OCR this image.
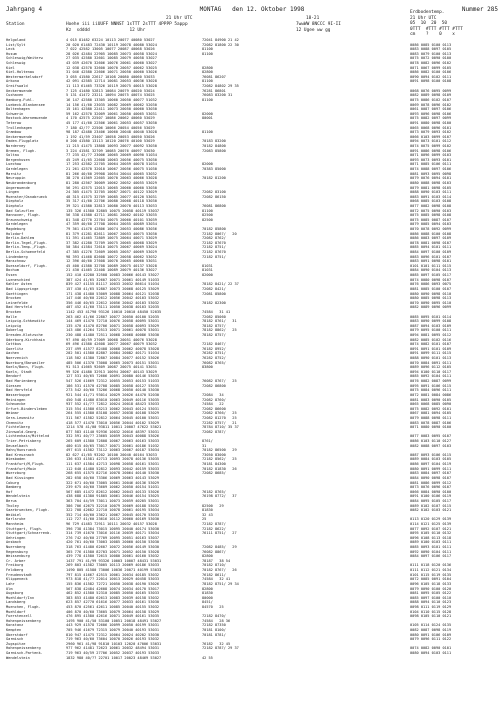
Jahrgang 4	MONTAG den 12. Oktober 1998	Nummer 285
Station
21 Uhr UTC
Hoehe iii iiUUFF NNNST 1sTTT 2sTTT 4PPPP 5appp
Kz  sdddd               12 Uhr
7wwWW 8NCCC 9I-II
12 Ugee ww gg
18-21
Erdbodentemp.
21 Uhr UTC
05  10  20  50
0TTT  #TTT #TTT #TTT
cm    ?    0    x
Helgoland	4 015 81482 63224 10113 20077 40080 53027	72041 84900 21 42
List/Sylt	20 020 61483 72430 10119 20078 40080 53024	72082 81800 22 30	0086 0085 0100 0113
Leck	7 022 42582 13005 10077 20087 40068 53026	81100	0083 0088 0097 0105
Husum	28 026 42484 22905 10085 20073 40058 53024	81100	0083 0079 0100 0113
Schleswig/Weiterw	27 035 42580 32601 10085 20079 40058 53027	0075 0072 0090 0100
Schleswig	43 039 42670 32606 10076 20061 40060 53027	0078 0082 0096 0102
Kiel	12 038 42570 32600 10070 20057 40062 53025	82800	0071 0067 0099 0105
Kiel-Holtenau	31 046 42580 22606 10071 20050 40060 53026	82800	0086 0082 0100 0106
Westermarkelsdorf	3 055 41580 22617 10108 20080 40060 53033	76081 86207	0090 0094 0102 0111
Arkona	42 091 42585 12714 10081 20053 40036 53028	81100	0091 0098 0100 0108
Greifswald	11 113 61465 73326 10119 20075 40015 53028	72082 84802 29 35
Ueckermuende	7 125 41480 52813 10084 20079 40020 53024	76281 86801	0068 0076 0095 0099
Cuxhaven	5 131 41472 23211 10094 20075 40074 53025	76083 83200 31	0082 0089 0098 0109
Hamburg-Fuhl.	16 147 42580 13305 10060 20050 40077 51032	81100	0075 0086 0102 0107
Luebeck-Blankensee	14 156 41/60 23035 10082 20069 40062 52030	0069 0078 0096 0102
Boltenhagen	15 161 42580 22411 10073 20050 40060 53030	0061 0087 0097 0106
Schwerin	59 162 42570 32009 10061 20050 40065 53031	82000	0093 0096 0098 0106
Rostock-Warnemuende	4 170 42575 22507 10086 20062 40060 53029	80001	0075 0082 0097 0099
Teterow	45 177 41/60 22506 10061 20053 40057 53030	0091 0080 0098 0100
Trollenhagen	7 180 42/?? 22506 10066 20054 40056 53029	0065 0068 0096 0101
Grambow	98 187 42480 23406 10060 20048 40040 53028	81100	0073 0079 0093 0102
Ueckermuende	1 192 41/59 23407 10058 20053 40050 53026	0066 0103 0099 0107
Emden-Flugplatz	0 200 41580 13113 10120 20076 40100 53029	70183 83200	0094 0073 0101 0112
Norderney	11 215 41475 13808 10093 20077 40092 53030	70182 84800	0074 0075 0099 0102
Bremen, Flugh.	3 224 41581 32709 10085 20076 40097 53030	72083 85800	0091 0086 0098 0106
Soltau	77 235 42/?? 23006 10065 20069 40090 51034	0071 0096 0099 0103
Bergenhusen	45 249 41/65 22608 10063 20056 40075 53030	0093 0073 0093 0101
Luechow	17 253 42582 22705 10064 20059 40078 51034	82000	0071 0085 0106 0111
Gardelegen	21 261 42570 32010 10067 20056 40075 51030	70383 85000	0074 0088 0097 0106
Marnitz	81 266 40/60 29908 10054 20044 40065 53032	0081 0093 0095 0098
Neuruppin	38 270 41569 22605 10070 20063 40066 53028	70182 81200	0079 0076 0094 0101
Neubrandenburg	81 280 42567 30009 10062 20052 40055 53029	0080 0088 0098 0103
Angermuende	56 291 42575 12015 10065 20060 40060 53030	0079 0081 0098 0105
Lingen	24 305 41475 32705 10087 20071 40122 53029	72082 83100	0088 0090 0103 0111
Muenster/Osnabrueck	48 315 41575 32709 10085 20077 40120 53031	72082 86150	0083 0091 0103 0114
Diepholz	35 317 41/60 22706 10080 20068 40118 53030	0068 0085 0103 0108
Diepholz	39 321 41580 32813 10080 20070 40113 53033	76081 86800	0077 0082 0098 0108
Bad Salzuflen	135 326 41580 32805 10075 20058 40119 53037	81100	0072 0075 0090 0103
Hannover, Flugh.	56 338 41580 42711 10081 20062 40102 53035	82500	0075 0085 0098 0108
Braunschweig	81 348 42770 22704 10075 20060 40101 53039	82500	0075 0085 0087 0107
Gardelegen	47 359 40/60 27708 10064 20055 40089 53034	0079 0085 0094 0103
Magdeburg	79 361 41470 42806 10074 20053 40086 53036	70182 85800	0070 0078 0092 0099
Holzdorf	81 379 41281 82611 10067 20053 40075 53030	72182 8067/   20	0086 0088 0100 0108
Berlin-Dahlem	51 391 41465 72809 10075 20064 40071 53029	72082 8762/	0086 0083 0097 0109
Berlin-Tegel,Flugh.	37 382 41280 72709 10075 20065 40068 53029	72182 87670	0078 0081 0098 0107
Berlin-Temp.,Flugh.	50 384 41584 72610 10075 20067 40069 53024	72182 8751/	0085 0094 0101 0111
Berlin-Schoenefeld	47 385 41276 72609 10065 20057 40069 53029	72182 87670	0084 0097 0100 0109
Lindenberg	98 393 41468 82608 10072 20058 40062 53032	72182 8751/	0083 0096 0101 0107
Manschnow	12 396 40/60 27608 10070 20065 40060 53031	0083 0091 0098 0101
Duesseldorf, Flugh.	45 400 41580 32708 10089 20075 40137 53028	81031	0101 0101 0111 0115
Bochum	21 430 41465 22408 10089 20079 40136 53027	81031	0084 0090 0104 0113
Essen	152 410 42280 32508 10083 20066 40143 53027	82000	0085 0097 0105 0117
Lueneschied	387 424 41/65 32607 10071 20061 40149 51033	0074 0080 0098 0107
Kahler Asten	839 427 41155 81117 10033 20032 86614 51034	78182 8421/ 22 37	0076 0086 0093 0075
Bad Lippspringe	157 430 41/65 52807 10073 20068 40125 53029	72082 8421/	0081 0085 0100 0107
Goettingen	171 438 41480 53009 10088 20064 40121 52038	72081 85800	0080 0090 0098 0110
Brocken	147 446 40/60 22612 10056 20042 40103 53032	0080 0085 0098 0113
Leinefelde	356 446 40/65 22612 10056 20042 40103 53032	70182 82300	0070 0090 0095 0110
Bad Hersfeld	407 452 41/60 73111 10050 20038 40103 52035	0082 0089 0096 0099
Brocken	1142 453 41790 93126 10010 20010 48450 52035	74584   31 41
Halle	263 462 41/66 22807 10077 20050 40100 52035	72082 85060	0085 0095 0101 0114
Leipzig-Schkeuditz	144 469 41470 72710 10076 20058 40095 53031	78182 8761/   31	0083 0090 0099 0108
Leipzig	135 470 41470 82706 10071 20058 40093 53029	78182 8757/	0087 0094 0103 0109
Doberlug	143 486 41264 72513 10071 20061 40078 53031	78182 8862/   25	0079 0095 0100 0111
Dresden-Klotzsche	230 488 41480 72511 10068 20068 40086 53030	78182 8757/	0094 0081 0095 0112
Oderburg-Kirchhain	97 490 40/59 27009 10068 20051 40076 53028	0082 0085 0102 0116
Cottbus	69 496 41580 42608 10077 20067 40079 53032	72182 8467/	0074 0082 0101 0107
Goerlitz	237 499 41577 82408 10068 20062 40078 53028	76182 8952/	0091 0091 0101 0109
Aachen	202 501 41580 82807 10084 20082 40171 51034	76282 8751/	0091 0099 0111 0115
Noervenich	118 502 41380 72807 10084 20077 40152 53026	76282 8752/	0088 0090 0101 0113
Nuerburg/Barweiler	485 506 41370 73008 10065 20073 40151 53031	76082 8765/	0070 0084 0091 0111
Koeln/Bonn, Flugh.	91 513 41665 92609 10087 20075 40141 53031	83800	0089 0096 0112 0105
Koeln, Stadt	99 526 41480 32913 10094 20067 40143 53029	0094 0100 0110 0117
Bendorf	127 531 40/65 72606 10091 20080 40146 53033	0085 0092 0104 0111
Bad Marienberg	547 526 41669 72312 10055 20053 40153 51033	76082 8767/   25	0076 0082 0087 0099
Giessen	186 531 41570 42708 10085 20058 40127 53035	72082 86800	0095 0091 0106 0115
Bad Hersfeld	273 542 40/60 73206 10068 20050 40140 53030	0075 0084 0096 0111
Wasserkuppe	921 544 41/71 93014 10029 20026 44470 52030	72084   34	0072 0081 0084 0086
Meiningen	450 548 41480 83010 10063 20049 40116 53035	72082 8760/	0081 0083 0090 0105
Schmuecke	937 552 41/?? 72812 10024 20018 48423 53033	74584   22	0065 0068 0085 0090
Erfurt-Bindersleben	315 554 41580 63213 10062 20043 40124 53031	72082 86600	0075 0082 0092 0101
Weimar	264 555 41580 83108 10057 20038 40108 53029	72082 8766/   25	0067 0081 0094 0105
Gera-Leumnitz	311 567 41582 52812 10064 20045 40100 53031	72082 81270   25	0079 0088 0098 0111
Chemnitz	418 577 41470 73010 10056 20044 40102 53029	72282 8757/   21	0083 0078 0087 0106
Fichtelberg	1214 578 41/00 93811 10011 20007 47622 53021	78784 8710/ 35 37	0071 0080 0090 0100
Zinnwald-Georg.	877 583 41140 92936 10032 20016 48397 53031	72082 8787/
Lichtenhain/Mittelnd	332 591 40/?? 23605 10059 20043 40088 53026	0077 0083 0095 0107
Trier-Petrisberg	265 609 41580 72808 10067 20063 40163 53033	8761/	0086 0103 0110 0127
Deuselbach	480 615 40/65 73017 10071 20061 40186 51032	31	0082 0088 0097 0103
Hahn/Hunsrueck	497 615 41582 73112 10063 20067 40187 53034	70182 86500   29
Bad Kreuznach	82 627 41/65 93202 10100 20040 40164 53033	73050 83000	0087 0093 0106 0115
Wiesbaden	136 633 41581 42713 10093 20078 40136 53035	72182 8562/   25	0089 0084 0103 0105
Frankfurt/M,Flugh.	111 637 41584 42713 10098 20058 40161 53031	70181 84300	0086 0097 0104 0119
Frankfurt/Main	112 640 41480 52812 10093 20042 40159 53033	70182 81830   26	0080 0091 0099 0111
Wuerzburg	268 655 41575 82716 10078 20064 40140 53030	72082 8685/	0083 0084 0097 0107
Bad Kissingen	282 658 40/60 73306 10069 20063 40143 53029	0084 0090 0098 0107
Coburg	322 671 40/60 73005 10061 20046 40136 53029	0081 0086 0099 0112
Bamberg	239 675 40/60 73609 10062 20050 40154 51031	0073 0076 0096 0107
Hof	567 685 41472 82612 10062 20043 40133 53026	76182 8765/	0066 0084 0090 0100
Wendelstein	438 688 41380 91805 10061 20046 40154 53025	76198 8772/   37	0091 0100 0106 0119
Berus	363 704 44/59 73011 10073 20059 40205 53031	0084 0095 0105 0117
Tholey	386 706 42675 32210 10079 20069 40188 53032	82500   29	0089 0102 0107 0115
Saarbruecken, Flugh.	322 708 42682 22710 10078 20061 40195 53034	81830	0082 0102 0103 0121
Weibiel	352 714 40/60 23621 10067 20045 40170 53033	32 43
Karlsruhe	112 727 41/60 23616 10112 20060 40169 53030	25	0113 0120 0129 0139
Mannheim	96 729 41483 72911 10111 20032 40157 53028	72182 8787/	0114 0121 0125 0139
Stuttgart, Flugh.	396 738 41384 73015 10095 20040 40174 53030	72182 8622/	0077 0092 0107 0121
Stuttgart/Schnarrenb.	314 739 41670 73016 10116 20039 40171 53034	76111 8751/   27	0095 0105 0110 0132
Oehringen	276 742 40/60 27709 10095 20051 40163 53037	0096 0108 0113 0118
Ansbach	420 761 40/60 73003 10085 20060 40150 53030	0089 0100 0103 0111
Nuernberg	318 763 41480 62607 10072 20056 40149 53030	72082 8485/   29	0085 0093 0101 0111
Regensburg	365 776 41580 82703 10071 20052 40150 53028	76082 8867/	0092 0090 0104 0111
Weissenburg	439 778 41580 72615 10080 20061 40160 53032	82800	0084 0097 0106 0117
Cr. Arber	1437 791 41/99 93326 10003 10007 48431 53031	78187   38 54
Freiburg	269 803 41582 73005 10113 20069 40186 53033	70182 8710/	0111 0118 0120 0136
Feldberg	1490 805 41580 73006 10036 20071 40199 53033	70182 8767/   26	0111 0112 0121 0134
Freudenstadt	797 815 41667 42515 10061 20034 40185 53032	76182 8611/	0101 0115 0119 0135
Klippeneck	973 818 41/7? 22014 10013 20029 40458 53033	74584   32 41	0072 0085 0091 0104
Lahr	155 836 41582 72721 10050 20038 40190 53026	78182 8751/ 29 34	0096 0105 0118 0133
Ulm	567 838 42484 42608 10074 20034 40170 53017	82800	0079 0090 0100 0120
Augsburg	462 852 41580 52310 10085 20050 40165 53033	81830	0081 0095 0105 0122
Muehldorf/Inn	383 853 41480 62613 10083 20039 40158 53032	80000	0085 0097 0100 0110
Landsberg	623 857 42770 61616 10077 20033 40161 53030	8451/	0088 0094 0110 0123
Muenchen, Flugh.	453 870 42561 42611 10085 20040 40155 53032	84570   25	0098 0111 0119 0129
Muehldorf	406 870 40/60 73605 10079 20064 40158 53029	0104 0110 0115 0128
Fuerstenzell	476 895 41580 42616 10071 20049 40161 53035	72182 8470/	0098 0105 0110 0121
Hohenpeissenberg	1495 900 41/50 53100 10051 20018 48491 53027	74584   28 36
Konstanz	443 929 41578 72606 10099 20050 40199 53031	72182 87350	0105 0114 0124 0135
Kempten	705 946 41679 72315 10079 20040 40193 53031	70181 8100/	0082 0087 0098 0119
Oberstdorf	810 947 41475 72312 10064 20024 40202 53030	70181 8781/	0080 0091 0106 0109
Garmisch	719 963 40/60 73604 10070 20026 40193 53032	0079 0096 0111 0122
Zugspitze	2960 961 41/98 91810 10103 12020 47006 53031	76182   32 45
Hohenpeissenberg	977 962 41481 72623 10061 20032 48494 53031	72182 8787/ 29 37	0074 0082 0090 0101
Garmisch-Partenk.	719 963 40/59 27706 10052 20037 40193 53033	0080 0094 0103 0111
Wendelstein	1832 980 40/?? 22701 10017 20023 48469 53027	42 55
